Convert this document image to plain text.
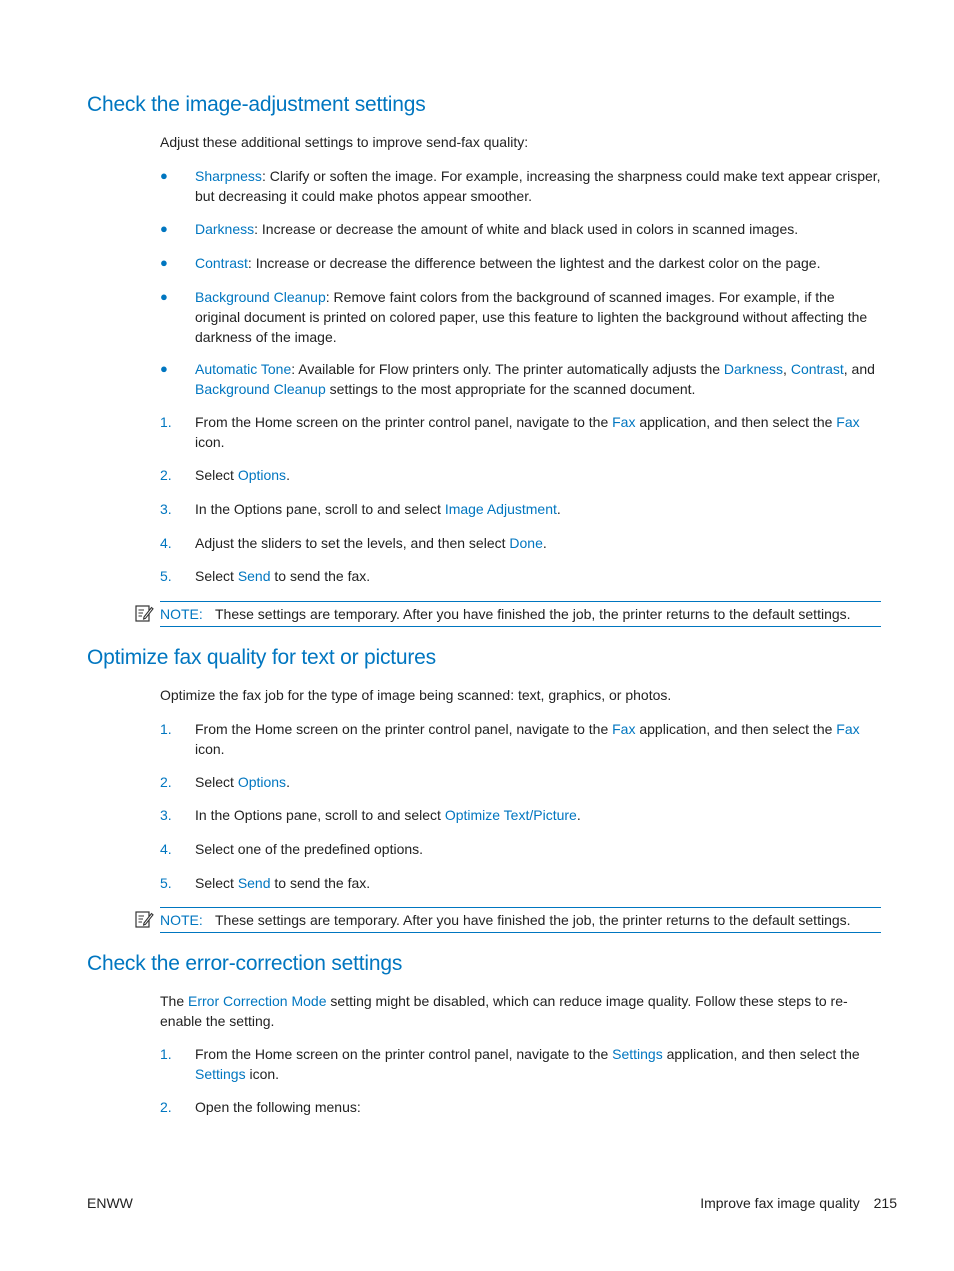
Check the image-adjustment settings

Adjust these additional settings to improve send-fax quality:

● Sharpness: Clarify or soften the image. For example, increasing the sharpness could make text appear crisper, but decreasing it could make photos appear smoother.
● Darkness: Increase or decrease the amount of white and black used in colors in scanned images.
● Contrast: Increase or decrease the difference between the lightest and the darkest color on the page.
● Background Cleanup: Remove faint colors from the background of scanned images. For example, if the original document is printed on colored paper, use this feature to lighten the background without affecting the darkness of the image.
● Automatic Tone: Available for Flow printers only. The printer automatically adjusts the Darkness, Contrast, and Background Cleanup settings to the most appropriate for the scanned document.
1. From the Home screen on the printer control panel, navigate to the Fax application, and then select the Fax icon.
2. Select Options.
3. In the Options pane, scroll to and select Image Adjustment.
4. Adjust the sliders to set the levels, and then select Done.
5. Select Send to send the fax.
NOTE: These settings are temporary. After you have finished the job, the printer returns to the default settings.
Optimize fax quality for text or pictures

Optimize the fax job for the type of image being scanned: text, graphics, or photos.

1. From the Home screen on the printer control panel, navigate to the Fax application, and then select the Fax icon.
2. Select Options.
3. In the Options pane, scroll to and select Optimize Text/Picture.
4. Select one of the predefined options.
5. Select Send to send the fax.
NOTE: These settings are temporary. After you have finished the job, the printer returns to the default settings.
Check the error-correction settings

The Error Correction Mode setting might be disabled, which can reduce image quality. Follow these steps to re-enable the setting.

1. From the Home screen on the printer control panel, navigate to the Settings application, and then select the Settings icon.
2. Open the following menus:
ENWW	Improve fax image quality 215
